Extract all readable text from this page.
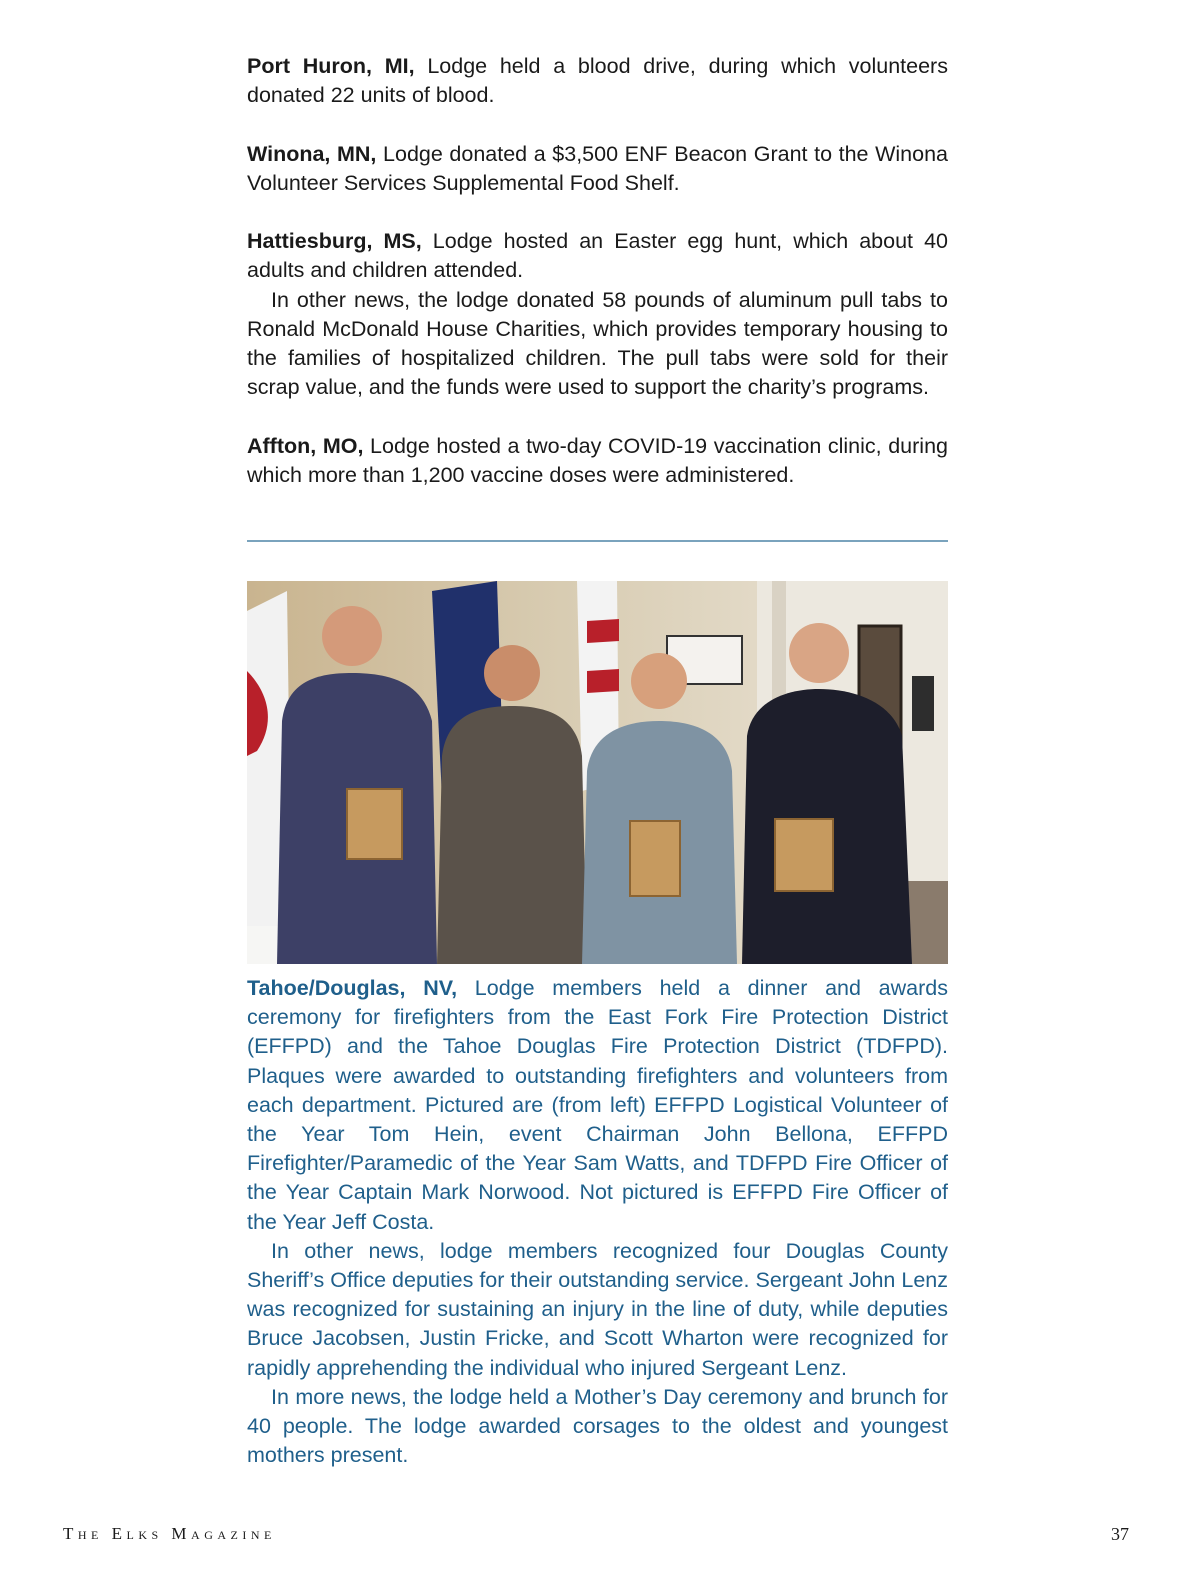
Port Huron, MI, Lodge held a blood drive, during which volunteers donated 22 units of blood.

Winona, MN, Lodge donated a $3,500 ENF Beacon Grant to the Winona Volunteer Services Supplemental Food Shelf.

Hattiesburg, MS, Lodge hosted an Easter egg hunt, which about 40 adults and children attended.

In other news, the lodge donated 58 pounds of aluminum pull tabs to Ronald McDonald House Charities, which provides temporary housing to the families of hospitalized children. The pull tabs were sold for their scrap value, and the funds were used to support the charity’s programs.

Affton, MO, Lodge hosted a two-day COVID-19 vaccination clinic, during which more than 1,200 vaccine doses were administered.

Tahoe/Douglas, NV, Lodge members held a dinner and awards ceremony for firefighters from the East Fork Fire Protection District (EFFPD) and the Tahoe Douglas Fire Protection District (TDFPD). Plaques were awarded to outstanding firefighters and volunteers from each department. Pictured are (from left) EFFPD Logistical Volunteer of the Year Tom Hein, event Chairman John Bellona, EFFPD Firefighter/Paramedic of the Year Sam Watts, and TDFPD Fire Officer of the Year Captain Mark Norwood. Not pictured is EFFPD Fire Officer of the Year Jeff Costa.

In other news, lodge members recognized four Douglas County Sheriff’s Office deputies for their outstanding service. Sergeant John Lenz was recognized for sustaining an injury in the line of duty, while deputies Bruce Jacobsen, Justin Fricke, and Scott Wharton were recognized for rapidly apprehending the individual who injured Sergeant Lenz.

In more news, the lodge held a Mother’s Day ceremony and brunch for 40 people. The lodge awarded corsages to the oldest and youngest mothers present.

The Elks Magazine	37
